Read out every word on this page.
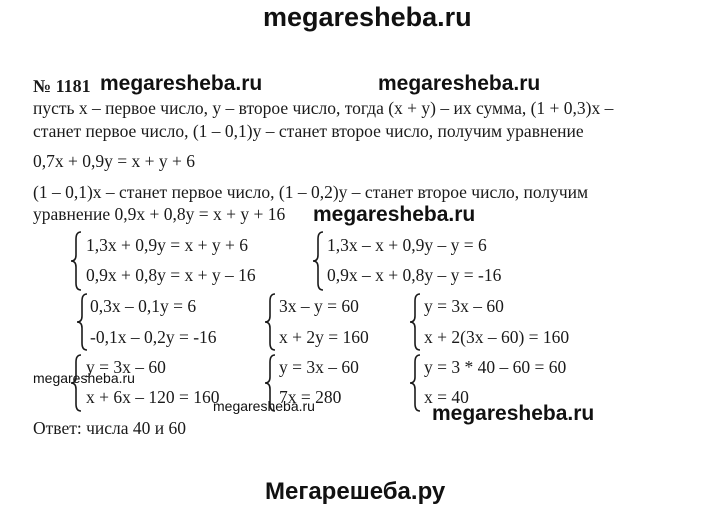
megaresheba.ru
megaresheba.ru	megaresheba.ru
megaresheba.ru
megaresheba.ru
megaresheba.ru	megaresheba.ru
Мегарешеба.ру
№ 1181
пусть x – первое число, y – второе число, тогда (x + y) – их сумма, (1 + 0,3)x –
станет первое число, (1 – 0,1)y – станет второе число, получим уравнение
0,7x + 0,9y = x + y + 6
(1 – 0,1)x – станет первое число, (1 – 0,2)y – станет второе число, получим
уравнение 0,9x + 0,8y = x + y + 16
1,3x + 0,9y = x + y + 6
0,9x + 0,8y = x + y – 16
1,3x – x + 0,9y – y = 6
0,9x – x + 0,8y – y = -16
0,3x – 0,1y = 6
-0,1x – 0,2y = -16
3x – y = 60
x + 2y = 160
y = 3x – 60
x + 2(3x – 60) = 160
y = 3x – 60
x + 6x – 120 = 160
y = 3x – 60
7x = 280
y = 3 * 40 – 60 = 60
x = 40
Ответ: числа 40 и 60
